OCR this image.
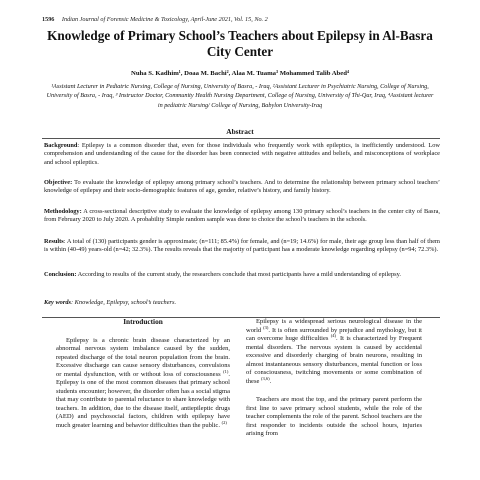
1596 Indian Journal of Forensic Medicine & Toxicology, April-June 2021, Vol. 15, No. 2
Knowledge of Primary School’s Teachers about Epilepsy in Al-Basra City Center
Nuha S. Kadhim¹, Doaa M. Bachi², Alaa M. Tuama³ Mohammed Talib Abed⁴
¹Assistant Lecturer in Pediatric Nursing, College of Nursing, University of Basra, - Iraq, ²Assistant Lecturer in Psychiatric Nursing, College of Nursing, University of Basra, - Iraq, ³ Instructor Doctor, Community Health Nursing Department, College of Nursing, University of Thi-Qar, Iraq, ⁴Assistant lecturer in pediatric Nursing/ College of Nursing, Babylon University-Iraq
Abstract

Background: Epilepsy is a common disorder that, even for those individuals who frequently work with epileptics, is inefficiently understood. Low comprehension and understanding of the cause for the disorder has been connected with negative attitudes and beliefs, and misconceptions of workplace and school epileptics.

Objective: To evaluate the knowledge of epilepsy among primary school’s teachers. And to determine the relationship between primary school teachers’ knowledge of epilepsy and their socio-demographic features of age, gender, relative’s history, and family history.

Methodology: A cross-sectional descriptive study to evaluate the knowledge of epilepsy among 130 primary school’s teachers in the center city of Basra, from February 2020 to July 2020. A probability Simple random sample was done to choice the school’s teachers in the schools.

Results: A total of (130) participants gender is approximate; (n=111; 85.4%) for female, and (n=19; 14.6%) for male, their age group less than half of them is within (40-49) years-old (n=42; 32.3%). The results reveals that the majority of participant has a moderate knowledge regarding epilepsy (n=94; 72.3%).

Conclusion: According to results of the current study, the researchers conclude that most participants have a mild understanding of epilepsy.

Key words: Knowledge, Epilepsy, school’s teachers.

Introduction

Epilepsy is a chronic brain disease characterized by an abnormal nervous system imbalance caused by the sudden, repeated discharge of the total neuron population from the brain. Excessive discharge can cause sensory disturbances, convulsions or mental dysfunction, with or without loss of consciousness $^{(1)}$. Epilepsy is one of the most common diseases that primary school students encounter; however, the disorder often has a social stigma that may contribute to parental reluctance to share knowledge with teachers. In addition, due to the disease itself, antiepileptic drugs (AED) and psychosocial factors, children with epilepsy have much greater learning and behavior difficulties than the public. $^{(2)}$

Epilepsy is a widespread serious neurological disease in the world $^{(3)}$. It is often surrounded by prejudice and mythology, but it can overcome huge difficulties $^{(4)}$. It is characterized by Frequent mental disorders. The nervous system is caused by accidental excessive and disorderly charging of brain neurons, resulting in almost instantaneous sensory disturbances, mental function or loss of consciousness, twitching movements or some combination of these $^{(3,6)}$.

Teachers are most the top, and the primary parent perform the first line to save primary school students, while the role of the teacher complements the role of the parent. School teachers are the first responder to incidents outside the school hours, injuries arising from
